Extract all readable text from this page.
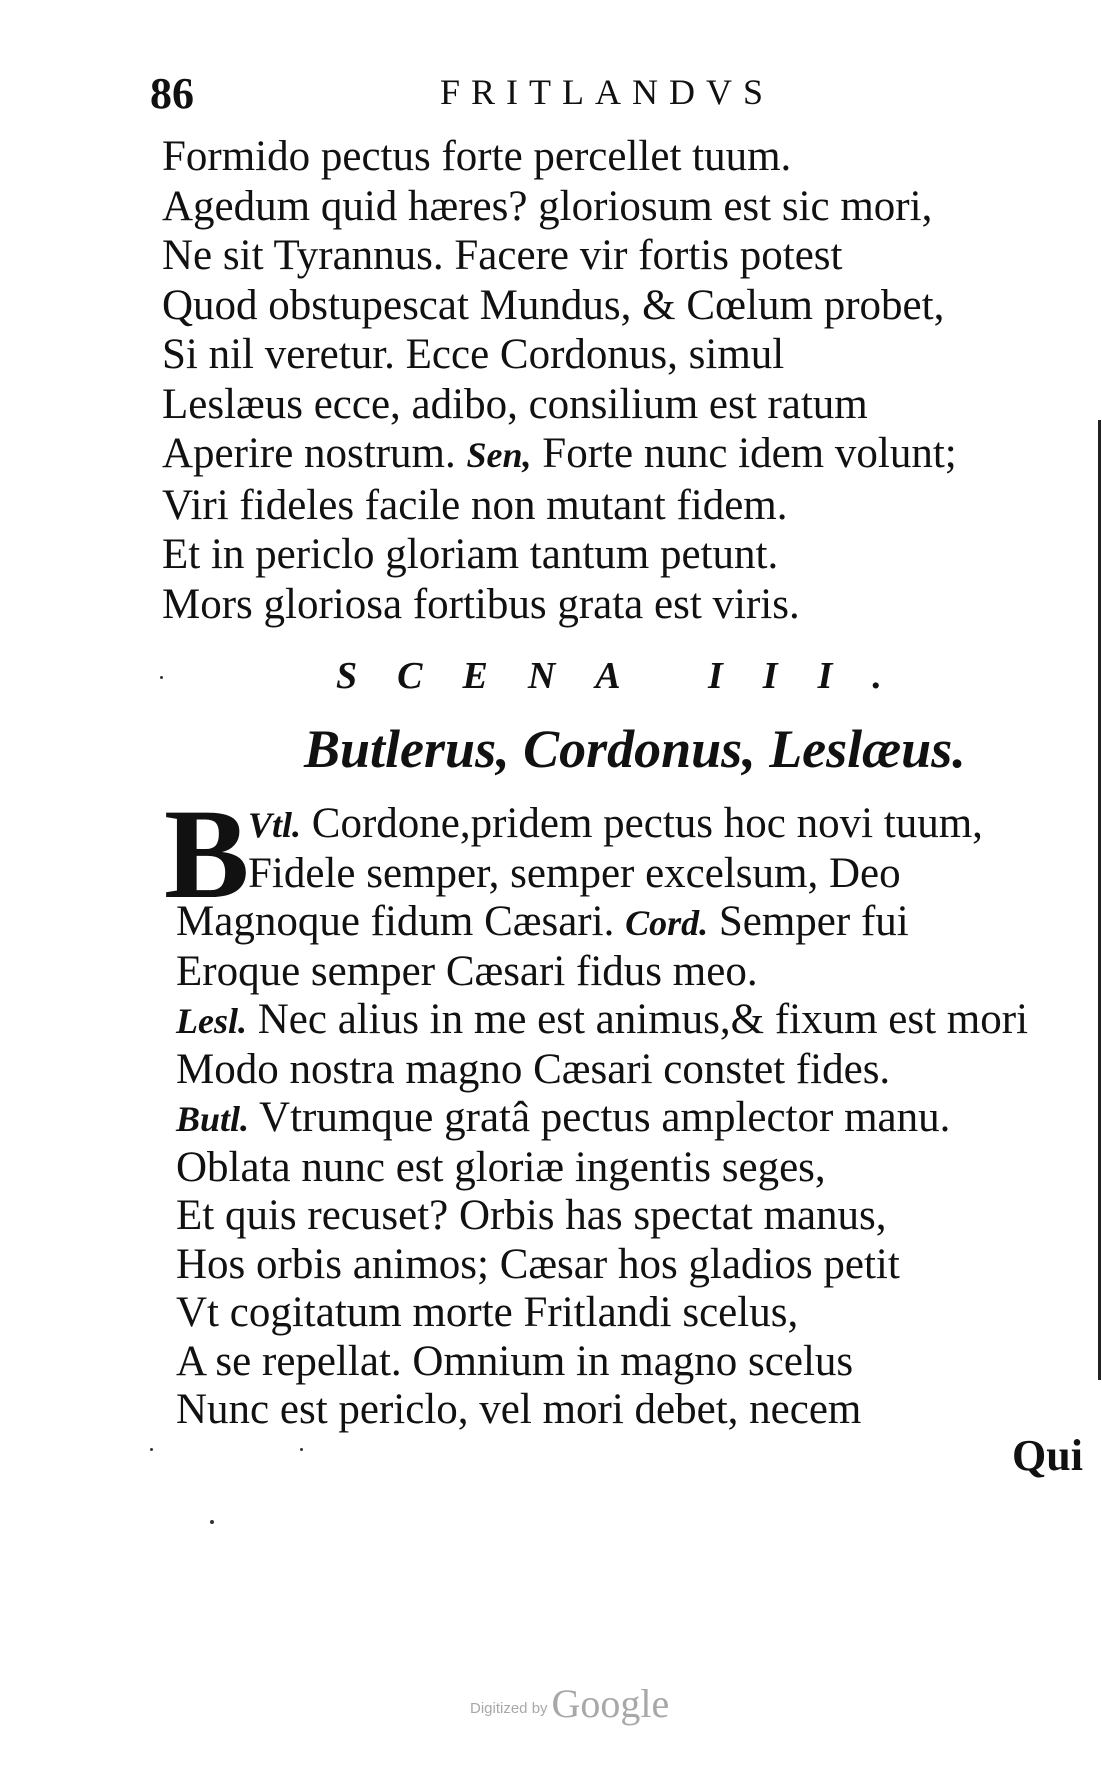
86	FRITLANDVS
Formido pectus forte percellet tuum.
Agedum quid hæres? gloriosum est sic mori,
Ne sit Tyrannus. Facere vir fortis potest
Quod obstupescat Mundus, & Cœlum probet,
Si nil veretur. Ecce Cordonus, simul
Leslæus ecce, adibo, consilium est ratum
Aperire nostrum. Sen, Forte nunc idem volunt;
Viri fideles facile non mutant fidem.
Et in periclo gloriam tantum petunt.
Mors gloriosa fortibus grata est viris.
SCENA III.
Butlerus, Cordonus, Leslæus.
B
Vtl. Cordone,pridem pectus hoc novi tuum,
Fidele semper, semper excelsum, Deo
Magnoque fidum Cæsari. Cord. Semper fui
Eroque semper Cæsari fidus meo.
Lesl. Nec alius in me est animus,& fixum est mori
Modo nostra magno Cæsari constet fides.
Butl. Vtrumque gratâ pectus amplector manu.
Oblata nunc est gloriæ ingentis seges,
Et quis recuset? Orbis has spectat manus,
Hos orbis animos; Cæsar hos gladios petit
Vt cogitatum morte Fritlandi scelus,
A se repellat. Omnium in magno scelus
Nunc est periclo, vel mori debet, necem
Qui
Digitized by Google
